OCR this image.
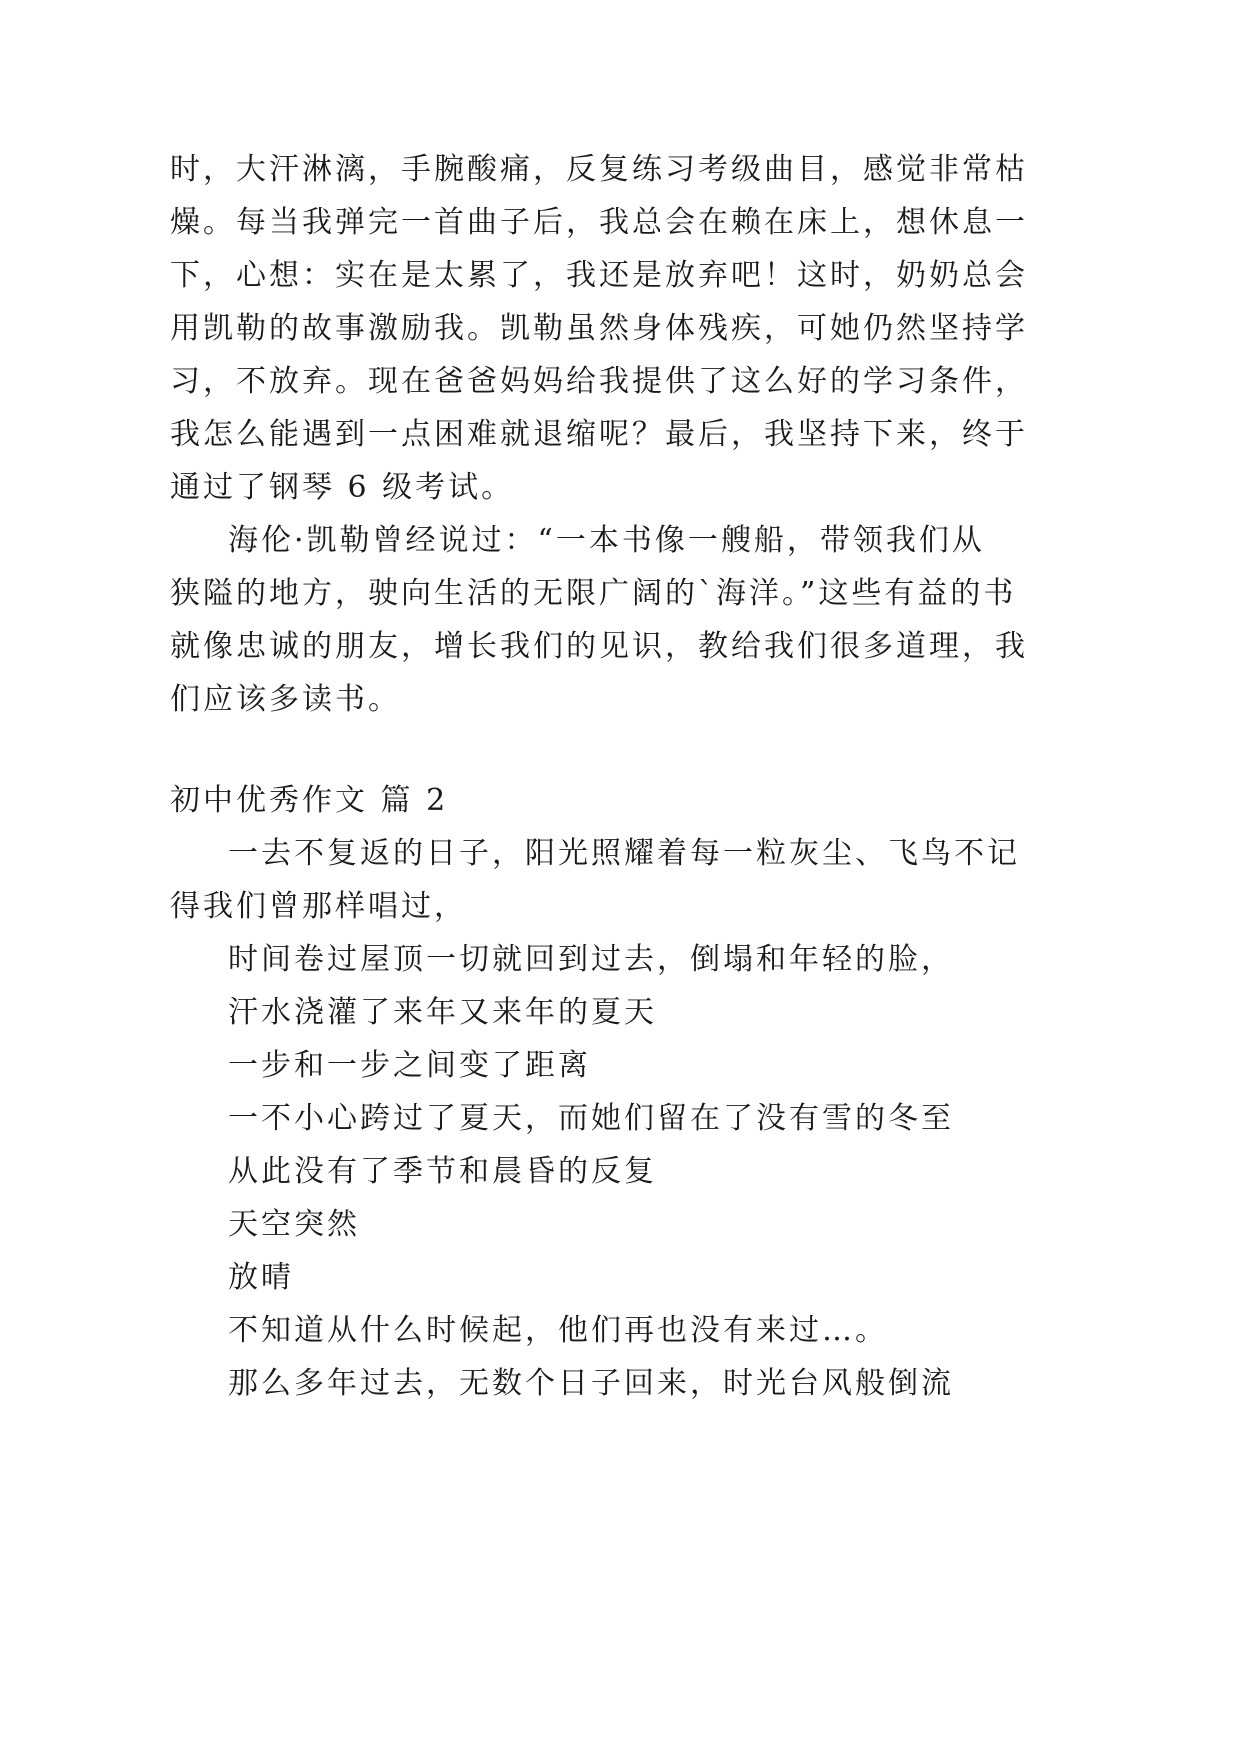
时，大汗淋漓，手腕酸痛，反复练习考级曲目，感觉非常枯
燥。每当我弹完一首曲子后，我总会在赖在床上，想休息一
下，心想：实在是太累了，我还是放弃吧！这时，奶奶总会
用凯勒的故事激励我。凯勒虽然身体残疾，可她仍然坚持学
习，不放弃。现在爸爸妈妈给我提供了这么好的学习条件，
我怎么能遇到一点困难就退缩呢？最后，我坚持下来，终于
通过了钢琴 6 级考试。
海伦·凯勒曾经说过：“一本书像一艘船，带领我们从
狭隘的地方，驶向生活的无限广阔的`海洋。”这些有益的书
就像忠诚的朋友，增长我们的见识，教给我们很多道理，我
们应该多读书。
初中优秀作文 篇 2
一去不复返的日子，阳光照耀着每一粒灰尘、飞鸟不记
得我们曾那样唱过，
时间卷过屋顶一切就回到过去，倒塌和年轻的脸，
汗水浇灌了来年又来年的夏天
一步和一步之间变了距离
一不小心跨过了夏天，而她们留在了没有雪的冬至
从此没有了季节和晨昏的反复
天空突然
放晴
不知道从什么时候起，他们再也没有来过…。
那么多年过去，无数个日子回来，时光台风般倒流
